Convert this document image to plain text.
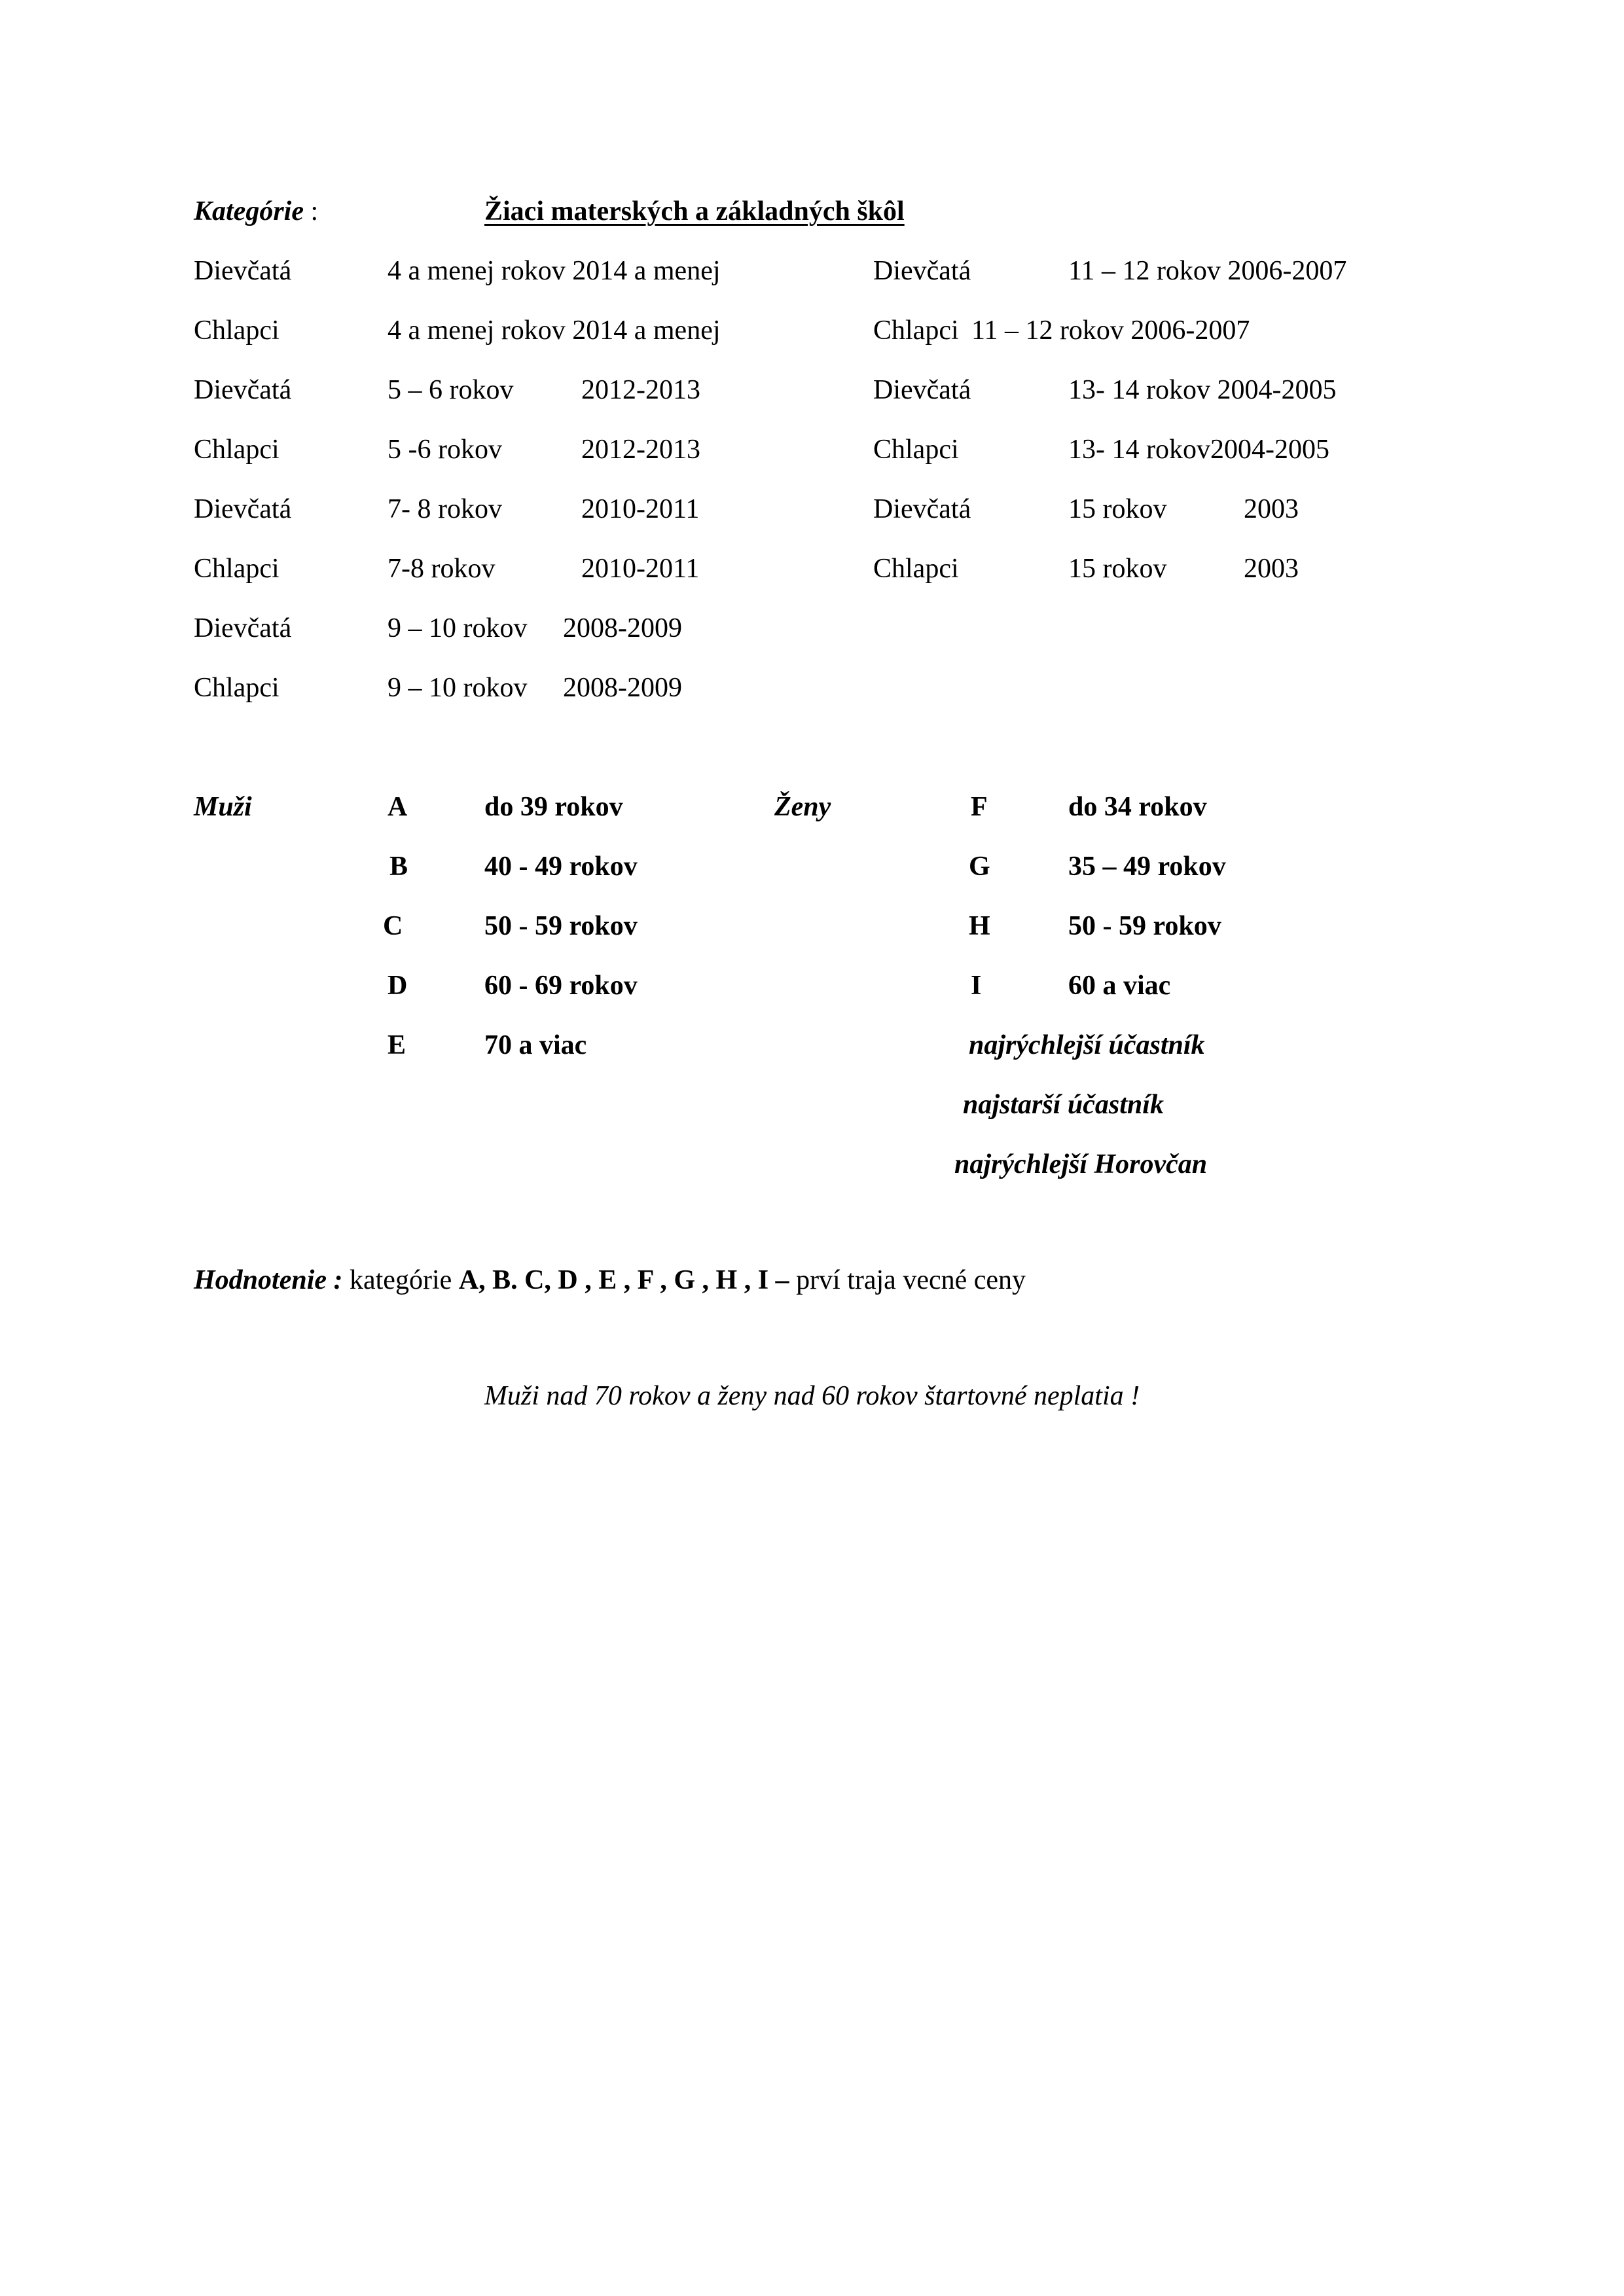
Kategórie :	Žiaci materských a základných škôl
Dievčatá	4 a menej rokov 2014 a menej
Chlapci	4 a menej rokov 2014 a menej
Dievčatá	5 – 6 rokov 2012-2013
Chlapci	5 -6 rokov	2012-2013
Dievčatá	7- 8 rokov	2010-2011
Chlapci	7-8 rokov	2010-2011
Dievčatá	9 – 10 rokov 2008-2009
Chlapci	9 – 10 rokov 2008-2009
Dievčatá	11 – 12 rokov 2006-2007
Chlapci 11 – 12 rokov 2006-2007
Dievčatá	13- 14 rokov 2004-2005
Chlapci	13- 14 rokov2004-2005
Dievčatá	15 rokov	2003
Chlapci	15 rokov	2003
Muži	A	do 39 rokov
B	40 - 49 rokov
C	50 - 59 rokov
D	60 - 69 rokov
E	70 a viac
Ženy	F	do 34 rokov
G	35 – 49 rokov
H	50 - 59 rokov
I	60 a viac
najrýchlejší účastník
najstarší účastník
najrýchlejší Horovčan
Hodnotenie : kategórie A, B. C, D , E , F , G , H , I – prví traja vecné ceny
Muži nad 70 rokov a ženy nad 60 rokov štartovné neplatia !
